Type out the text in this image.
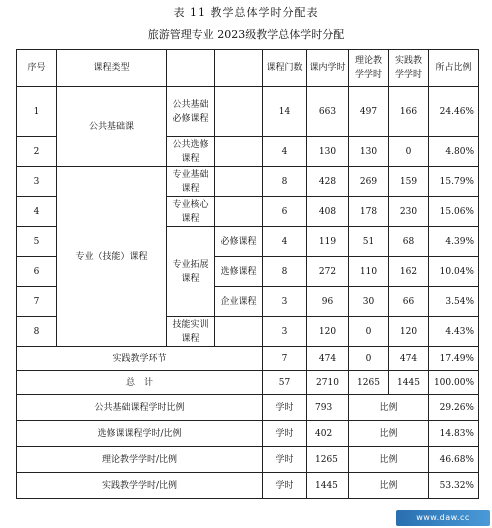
表 11 教学总体学时分配表
旅游管理专业 2023级教学总体学时分配
序号	课程类型			课程门数	课内学时	理论教学学时	实践教学学时	所占比例
1	公共基础课	公共基础必修课程		14	663	497	166	24.46%
2		公共选修课程		4	130	130	0	4.80%
3	专业（技能）课程	专业基础课程		8	428	269	159	15.79%
4		专业核心课程		6	408	178	230	15.06%
5		专业拓展课程	必修课程	4	119	51	68	4.39%
6			选修课程	8	272	110	162	10.04%
7			企业课程	3	96	30	66	3.54%
8		技能实训课程		3	120	0	120	4.43%
实践教学环节				7	474	0	474	17.49%
总　计				57	2710	1265	1445	100.00%
公共基础课程学时比例				学时	793	比例		29.26%
选修课课程学时/比例				学时	402	比例		14.83%
理论教学学时/比例				学时	1265	比例		46.68%
实践教学学时/比例				学时	1445	比例		53.32%
www.daw.cc
